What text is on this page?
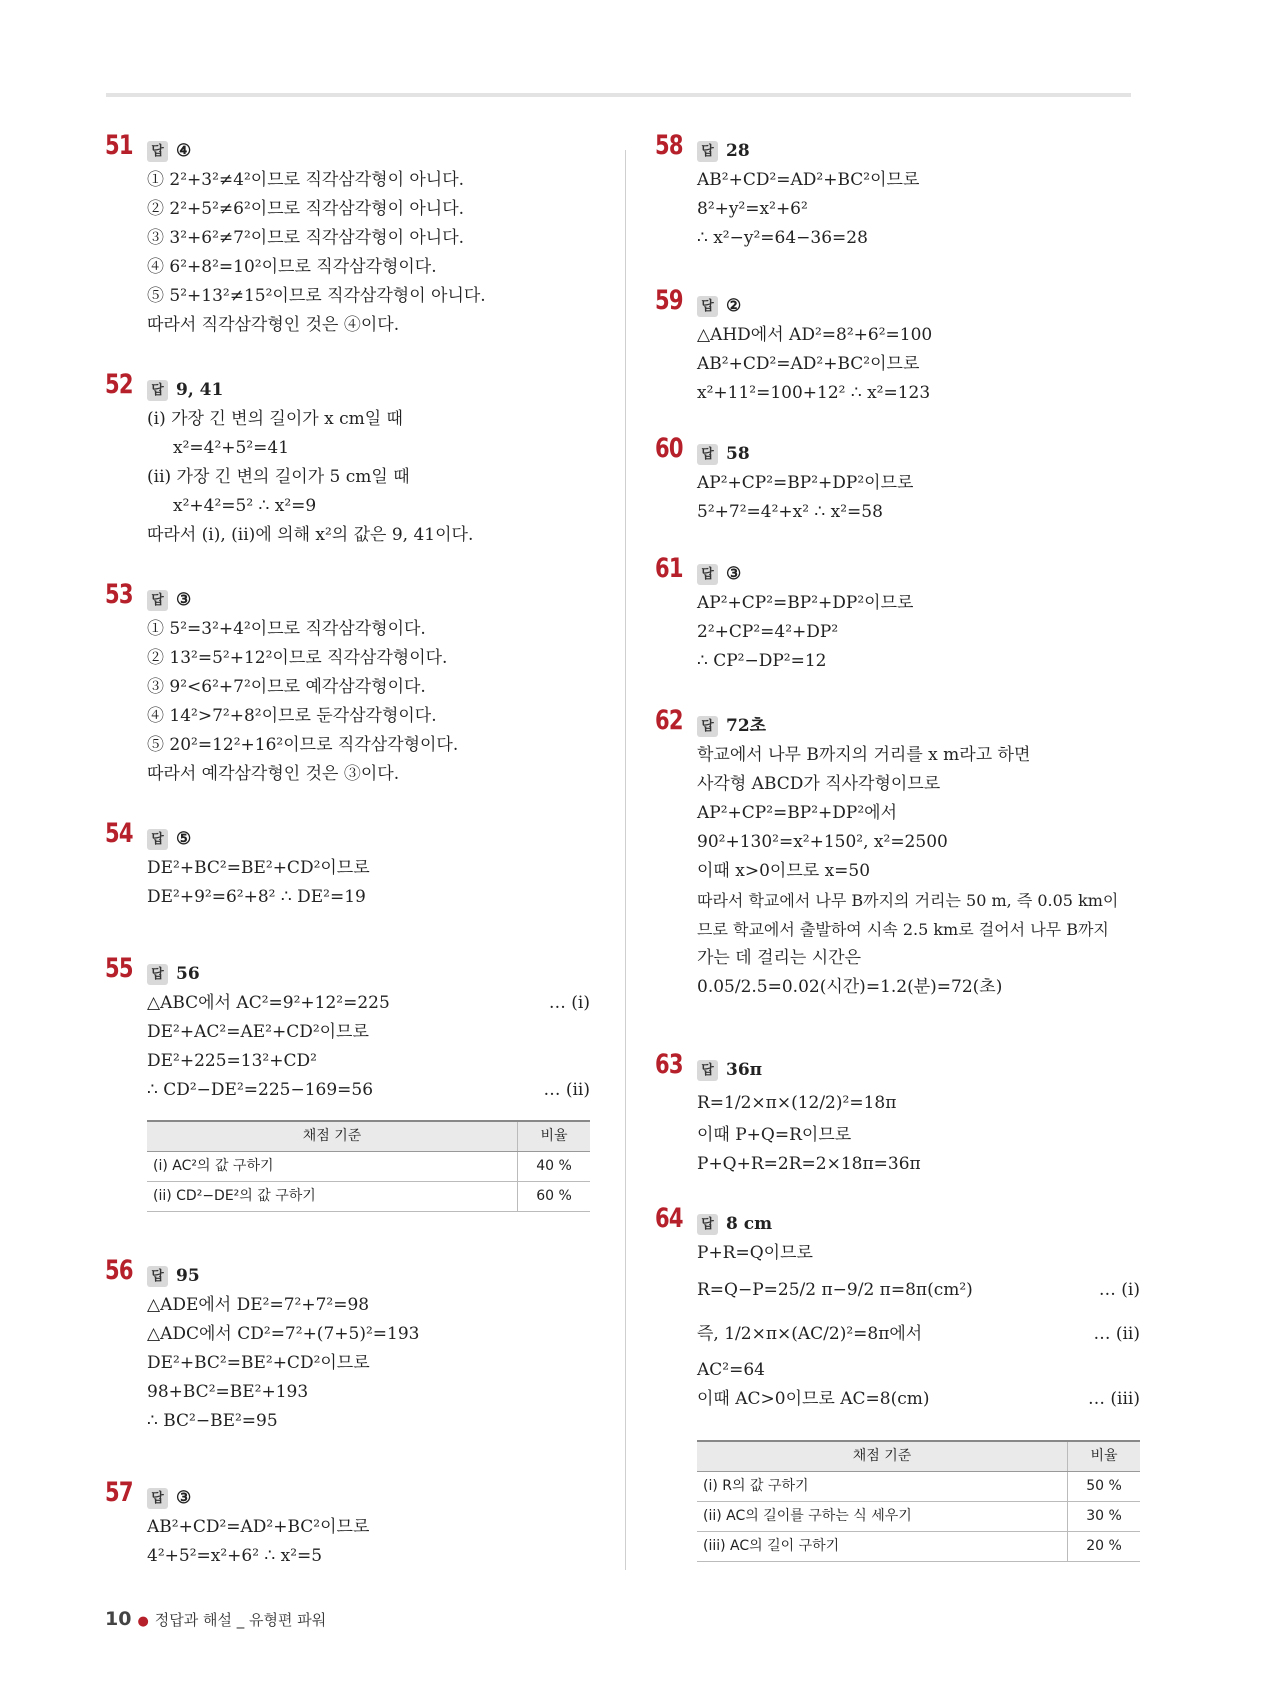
51	답 ④
① 2²+3²≠4²이므로 직각삼각형이 아니다.
② 2²+5²≠6²이므로 직각삼각형이 아니다.
③ 3²+6²≠7²이므로 직각삼각형이 아니다.
④ 6²+8²=10²이므로 직각삼각형이다.
⑤ 5²+13²≠15²이므로 직각삼각형이 아니다.
따라서 직각삼각형인 것은 ④이다.
52	답 9, 41
(i) 가장 긴 변의 길이가 x cm일 때
x²=4²+5²=41
(ii) 가장 긴 변의 길이가 5 cm일 때
x²+4²=5² ∴ x²=9
따라서 (i), (ii)에 의해 x²의 값은 9, 41이다.
53	답 ③
① 5²=3²+4²이므로 직각삼각형이다.
② 13²=5²+12²이므로 직각삼각형이다.
③ 9²<6²+7²이므로 예각삼각형이다.
④ 14²>7²+8²이므로 둔각삼각형이다.
⑤ 20²=12²+16²이므로 직각삼각형이다.
따라서 예각삼각형인 것은 ③이다.
54	답 ⑤
DE²+BC²=BE²+CD²이므로
DE²+9²=6²+8² ∴ DE²=19
55	답 56
△ABC에서 AC²=9²+12²=225	… (i)
DE²+AC²=AE²+CD²이므로
DE²+225=13²+CD²
∴ CD²−DE²=225−169=56	… (ii)
채점 기준	비율
(i) AC²의 값 구하기	40 %
(ii) CD²−DE²의 값 구하기	60 %
56	답 95
△ADE에서 DE²=7²+7²=98
△ADC에서 CD²=7²+(7+5)²=193
DE²+BC²=BE²+CD²이므로
98+BC²=BE²+193
∴ BC²−BE²=95
57	답 ③
AB²+CD²=AD²+BC²이므로
4²+5²=x²+6² ∴ x²=5
58	답 28
AB²+CD²=AD²+BC²이므로
8²+y²=x²+6²
∴ x²−y²=64−36=28
59	답 ②
△AHD에서 AD²=8²+6²=100
AB²+CD²=AD²+BC²이므로
x²+11²=100+12² ∴ x²=123
60	답 58
AP²+CP²=BP²+DP²이므로
5²+7²=4²+x² ∴ x²=58
61	답 ③
AP²+CP²=BP²+DP²이므로
2²+CP²=4²+DP²
∴ CP²−DP²=12
62	답 72초
학교에서 나무 B까지의 거리를 x m라고 하면
사각형 ABCD가 직사각형이므로
AP²+CP²=BP²+DP²에서
90²+130²=x²+150², x²=2500
이때 x>0이므로 x=50
따라서 학교에서 나무 B까지의 거리는 50 m, 즉 0.05 km이
므로 학교에서 출발하여 시속 2.5 km로 걸어서 나무 B까지
가는 데 걸리는 시간은
0.05/2.5=0.02(시간)=1.2(분)=72(초)
63	답 36π
R=1/2×π×(12/2)²=18π
이때 P+Q=R이므로
P+Q+R=2R=2×18π=36π
64	답 8 cm
P+R=Q이므로
R=Q−P=25/2 π−9/2 π=8π(cm²)	… (i)
즉, 1/2×π×(AC/2)²=8π에서	… (ii)
AC²=64
이때 AC>0이므로 AC=8(cm)	… (iii)
채점 기준	비율
(i) R의 값 구하기	50 %
(ii) AC의 길이를 구하는 식 세우기	30 %
(iii) AC의 길이 구하기	20 %
10 ● 정답과 해설 _ 유형편 파워
